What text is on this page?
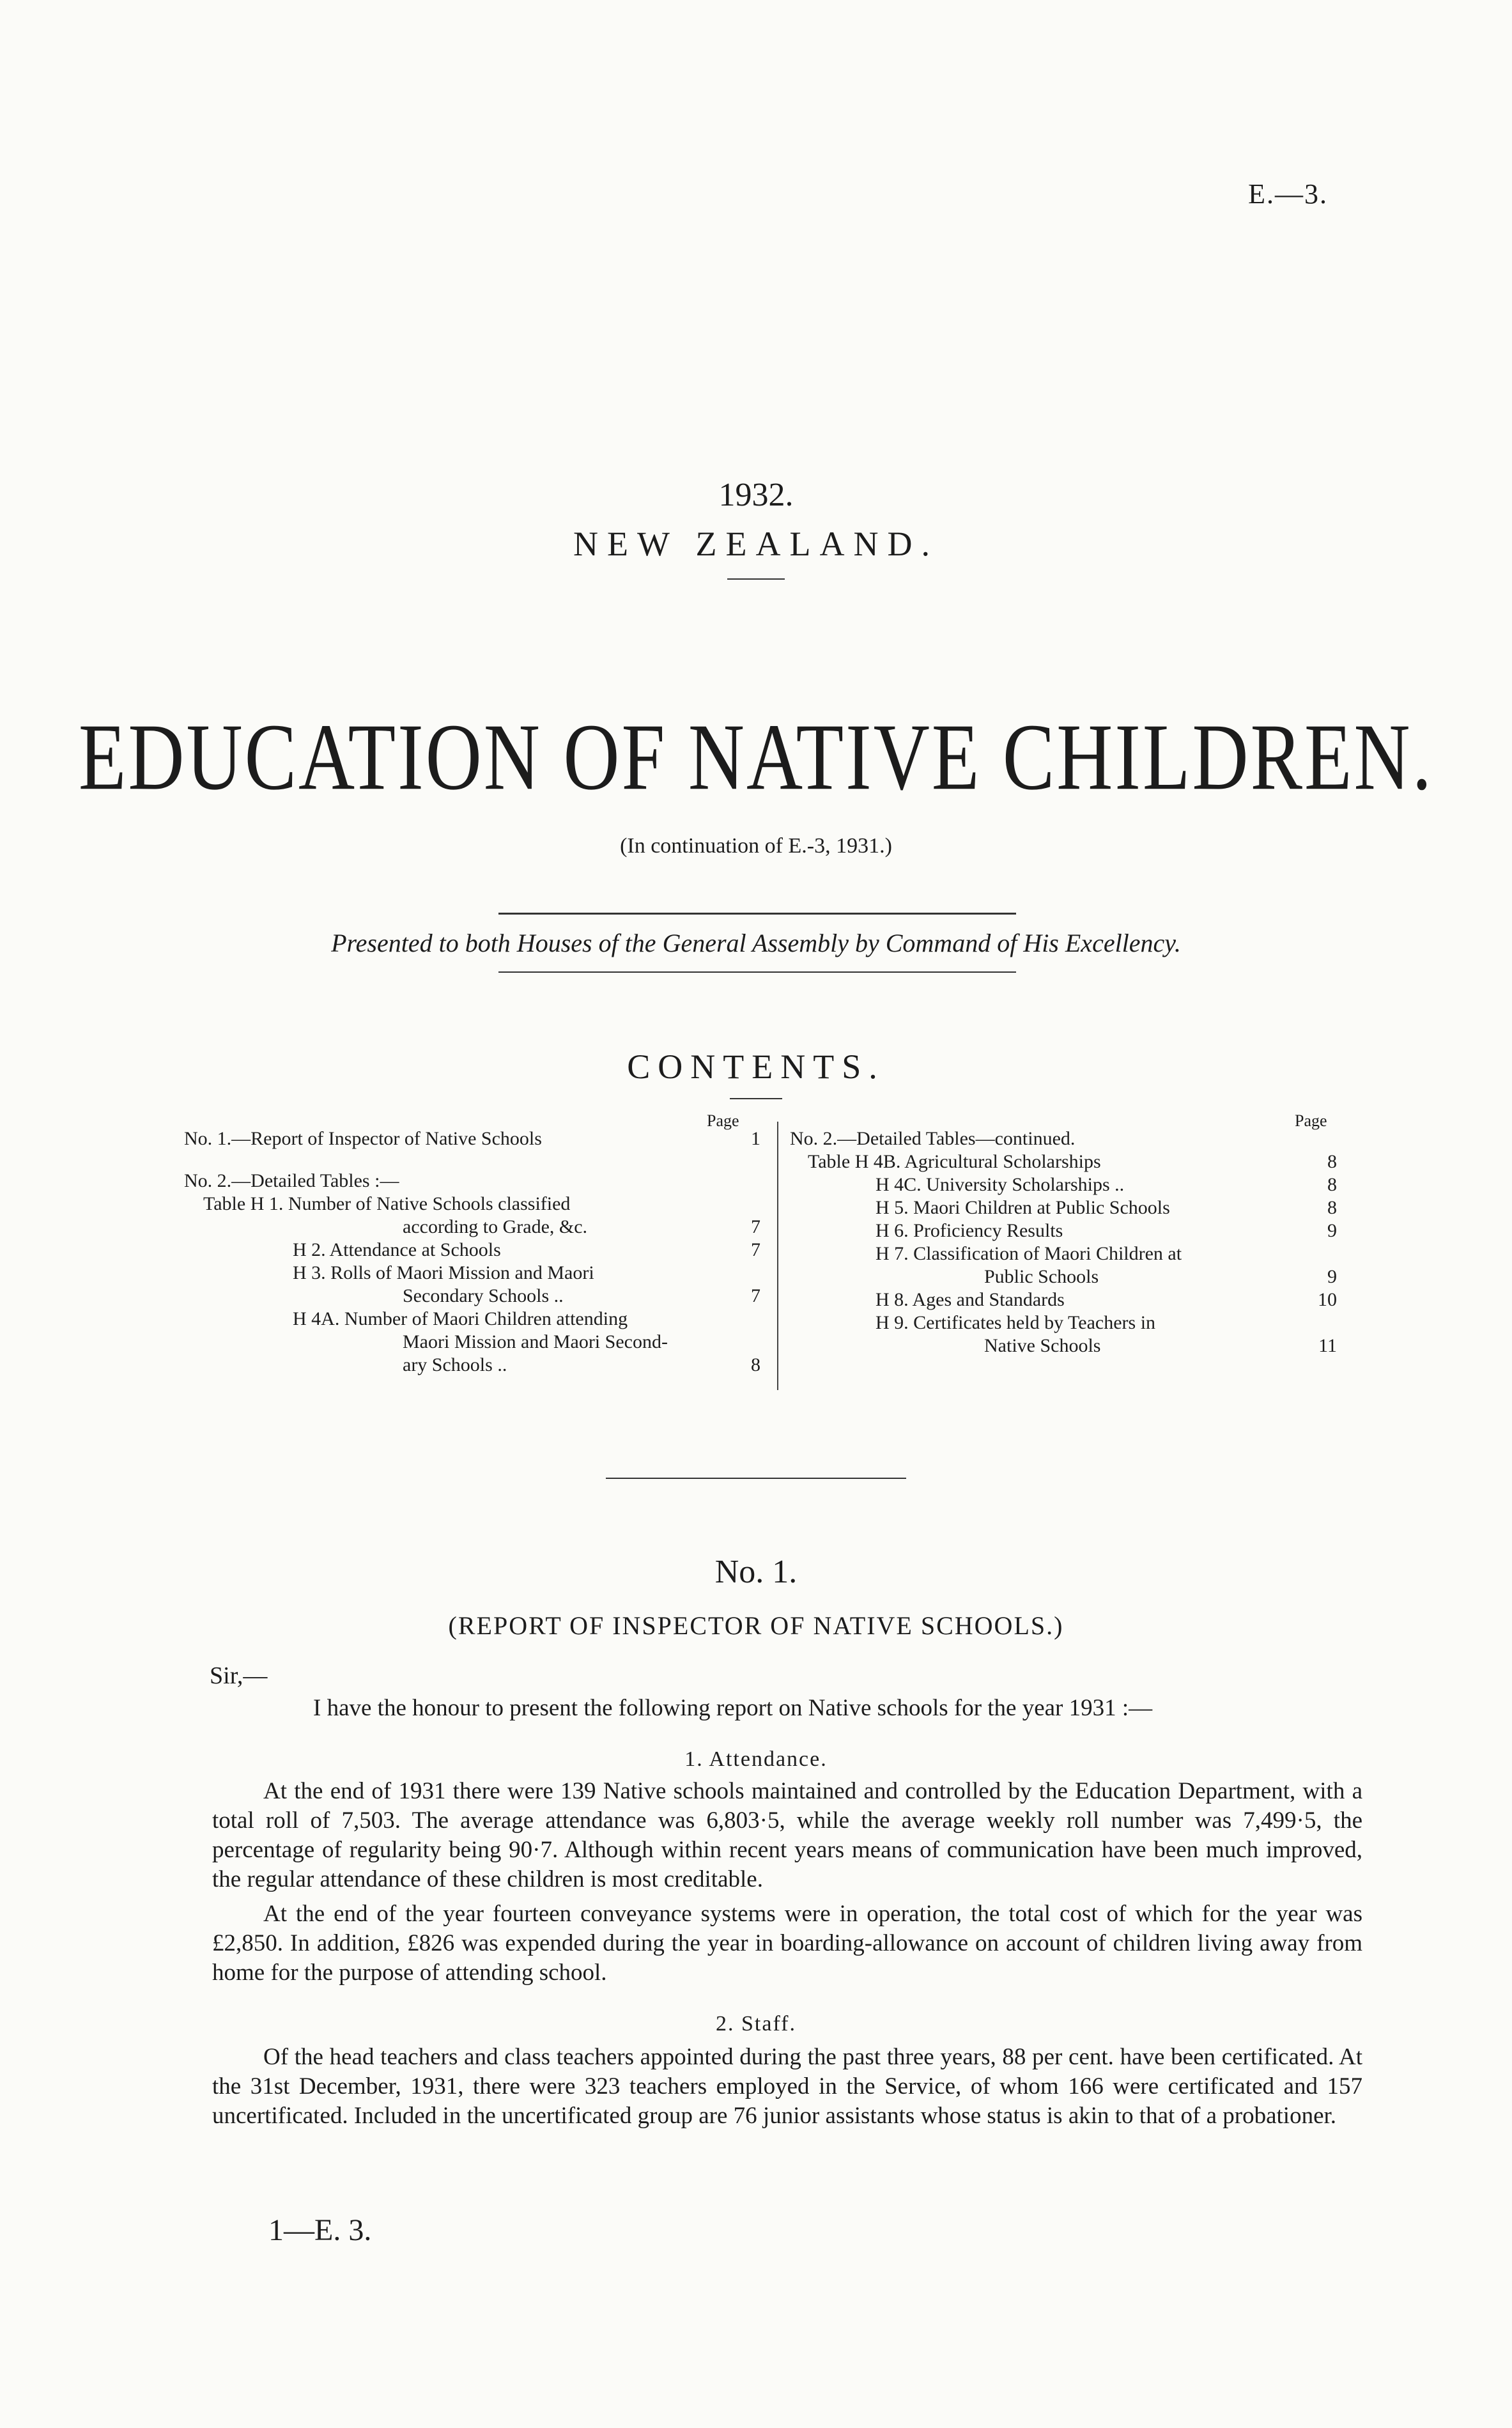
E.—3.
1932.
NEW ZEALAND.
EDUCATION OF NATIVE CHILDREN.
(In continuation of E.-3, 1931.)
Presented to both Houses of the General Assembly by Command of His Excellency.
CONTENTS.
Page
No. 1.—Report of Inspector of Native Schools	1
No. 2.—Detailed Tables :—
Table H 1. Number of Native Schools classified
according to Grade, &c.	7
H 2. Attendance at Schools	7
H 3. Rolls of Maori Mission and Maori
Secondary Schools ..	7
H 4A. Number of Maori Children attending
Maori Mission and Maori Second-
ary Schools ..	8
Page
No. 2.—Detailed Tables—continued.
Table H 4B. Agricultural Scholarships	8
H 4C. University Scholarships ..	8
H 5. Maori Children at Public Schools	8
H 6. Proficiency Results	9
H 7. Classification of Maori Children at
Public Schools	9
H 8. Ages and Standards	10
H 9. Certificates held by Teachers in
Native Schools	11
No. 1.
(REPORT OF INSPECTOR OF NATIVE SCHOOLS.)
Sir,—
I have the honour to present the following report on Native schools for the year 1931 :—
1. Attendance.
At the end of 1931 there were 139 Native schools maintained and controlled by the Education Department, with a total roll of 7,503. The average attendance was 6,803·5, while the average weekly roll number was 7,499·5, the percentage of regularity being 90·7. Although within recent years means of communication have been much improved, the regular attendance of these children is most creditable.
At the end of the year fourteen conveyance systems were in operation, the total cost of which for the year was £2,850. In addition, £826 was expended during the year in boarding-allowance on account of children living away from home for the purpose of attending school.
2. Staff.
Of the head teachers and class teachers appointed during the past three years, 88 per cent. have been certificated. At the 31st December, 1931, there were 323 teachers employed in the Service, of whom 166 were certificated and 157 uncertificated. Included in the uncertificated group are 76 junior assistants whose status is akin to that of a probationer.
1—E. 3.
